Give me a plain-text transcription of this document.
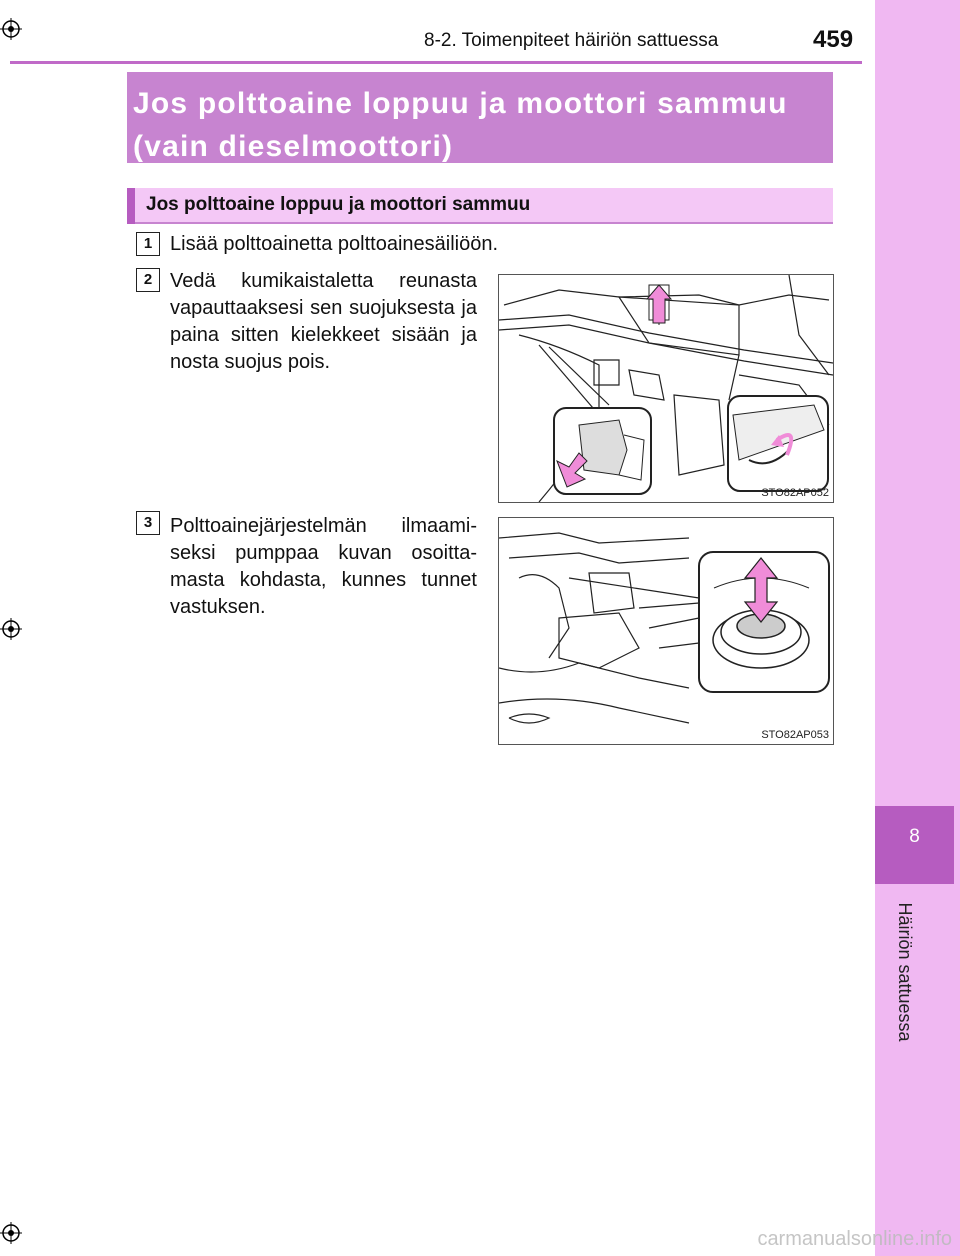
8
Häiriön sattuessa
8-2. Toimenpiteet häiriön sattuessa	459
Jos polttoaine loppuu ja moottori sammuu
(vain dieselmoottori)
Jos polttoaine loppuu ja moottori sammuu
1 Lisää polttoainetta polttoainesäiliöön.
2 Vedä kumikaistaletta reunasta vapauttaaksesi sen suojuksesta ja paina sitten kielekkeet sisään ja nosta suojus pois.
STO82AP052
3 Polttoainejärjestelmän ilmaami-seksi pumppaa kuvan osoitta-masta kohdasta, kunnes tunnet vastuksen.
STO82AP053
carmanualsonline.info
